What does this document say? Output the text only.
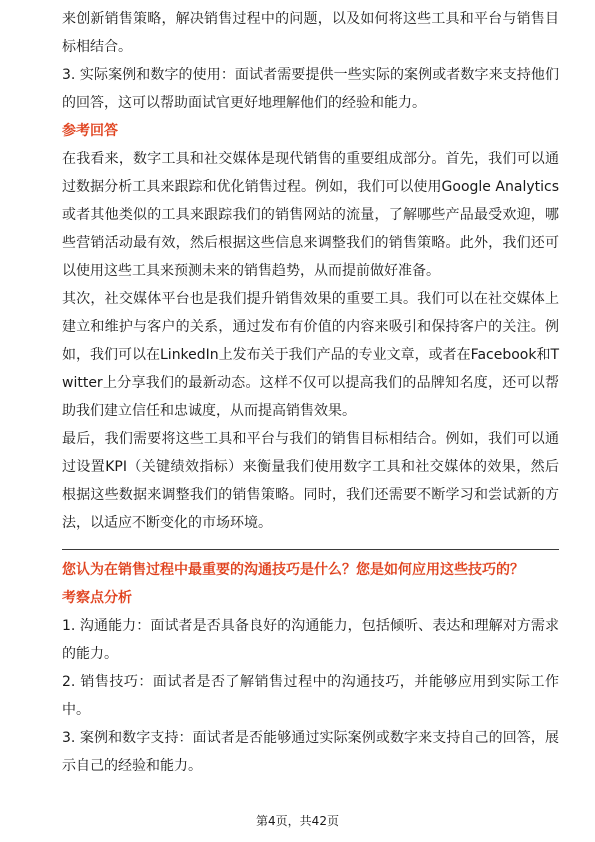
来创新销售策略，解决销售过程中的问题，以及如何将这些工具和平台与销售目标相结合。

3. 实际案例和数字的使用：面试者需要提供一些实际的案例或者数字来支持他们的回答，这可以帮助面试官更好地理解他们的经验和能力。

参考回答

在我看来，数字工具和社交媒体是现代销售的重要组成部分。首先，我们可以通过数据分析工具来跟踪和优化销售过程。例如，我们可以使用Google Analytics或者其他类似的工具来跟踪我们的销售网站的流量，了解哪些产品最受欢迎，哪些营销活动最有效，然后根据这些信息来调整我们的销售策略。此外，我们还可以使用这些工具来预测未来的销售趋势，从而提前做好准备。

其次，社交媒体平台也是我们提升销售效果的重要工具。我们可以在社交媒体上建立和维护与客户的关系，通过发布有价值的内容来吸引和保持客户的关注。例如，我们可以在LinkedIn上发布关于我们产品的专业文章，或者在Facebook和Twitter上分享我们的最新动态。这样不仅可以提高我们的品牌知名度，还可以帮助我们建立信任和忠诚度，从而提高销售效果。

最后，我们需要将这些工具和平台与我们的销售目标相结合。例如，我们可以通过设置KPI（关键绩效指标）来衡量我们使用数字工具和社交媒体的效果，然后根据这些数据来调整我们的销售策略。同时，我们还需要不断学习和尝试新的方法，以适应不断变化的市场环境。

您认为在销售过程中最重要的沟通技巧是什么？您是如何应用这些技巧的？

考察点分析

1. 沟通能力：面试者是否具备良好的沟通能力，包括倾听、表达和理解对方需求的能力。

2. 销售技巧：面试者是否了解销售过程中的沟通技巧，并能够应用到实际工作中。

3. 案例和数字支持：面试者是否能够通过实际案例或数字来支持自己的回答，展示自己的经验和能力。

第4页，共42页
